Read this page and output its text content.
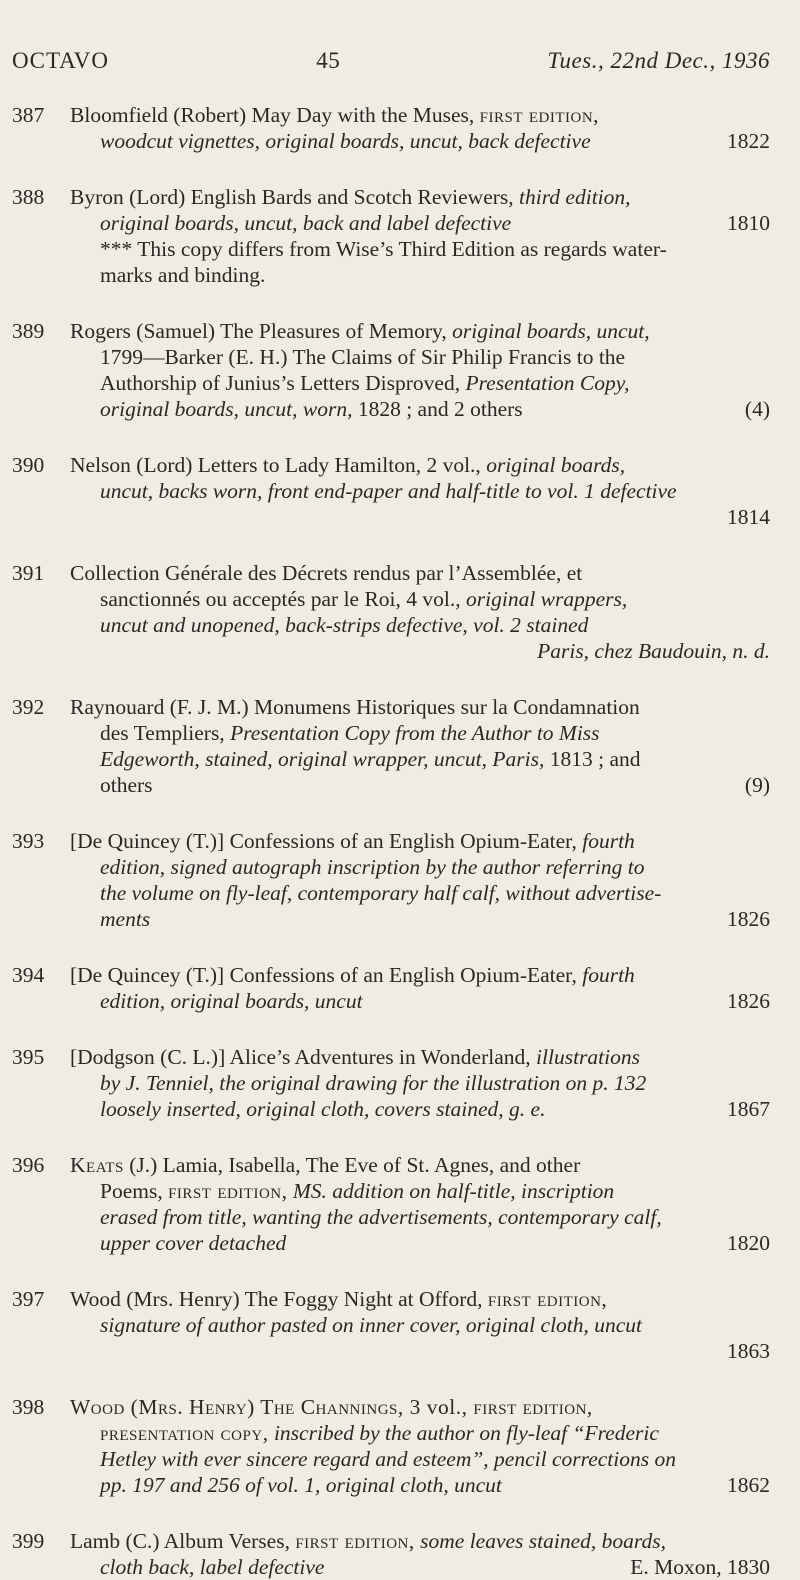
OCTAVO	45	Tues., 22nd Dec., 1936
387	Bloomfield (Robert) May Day with the Muses, first edition,
woodcut vignettes, original boards, uncut, back defective	1822
388	Byron (Lord) English Bards and Scotch Reviewers, third edition,
original boards, uncut, back and label defective	1810
*** This copy differs from Wise’s Third Edition as regards water-
marks and binding.
389	Rogers (Samuel) The Pleasures of Memory, original boards, uncut,
1799—Barker (E. H.) The Claims of Sir Philip Francis to the
Authorship of Junius’s Letters Disproved, Presentation Copy,
original boards, uncut, worn, 1828 ; and 2 others	(4)
390	Nelson (Lord) Letters to Lady Hamilton, 2 vol., original boards,
uncut, backs worn, front end-paper and half-title to vol. 1 defective
1814
391	Collection Générale des Décrets rendus par l’Assemblée, et
sanctionnés ou acceptés par le Roi, 4 vol., original wrappers,
uncut and unopened, back-strips defective, vol. 2 stained
Paris, chez Baudouin, n. d.
392	Raynouard (F. J. M.) Monumens Historiques sur la Condamnation
des Templiers, Presentation Copy from the Author to Miss
Edgeworth, stained, original wrapper, uncut, Paris, 1813 ; and
others	(9)
393	[De Quincey (T.)] Confessions of an English Opium-Eater, fourth
edition, signed autograph inscription by the author referring to
the volume on fly-leaf, contemporary half calf, without advertise-
ments	1826
394	[De Quincey (T.)] Confessions of an English Opium-Eater, fourth
edition, original boards, uncut	1826
395	[Dodgson (C. L.)] Alice’s Adventures in Wonderland, illustrations
by J. Tenniel, the original drawing for the illustration on p. 132
loosely inserted, original cloth, covers stained, g. e.	1867
396	Keats (J.) Lamia, Isabella, The Eve of St. Agnes, and other
Poems, first edition, MS. addition on half-title, inscription
erased from title, wanting the advertisements, contemporary calf,
upper cover detached	1820
397	Wood (Mrs. Henry) The Foggy Night at Offord, first edition,
signature of author pasted on inner cover, original cloth, uncut
1863
398	Wood (Mrs. Henry) The Channings, 3 vol., first edition,
presentation copy, inscribed by the author on fly-leaf “Frederic
Hetley with ever sincere regard and esteem”, pencil corrections on
pp. 197 and 256 of vol. 1, original cloth, uncut	1862
399	Lamb (C.) Album Verses, first edition, some leaves stained, boards,
cloth back, label defective	E. Moxon, 1830
